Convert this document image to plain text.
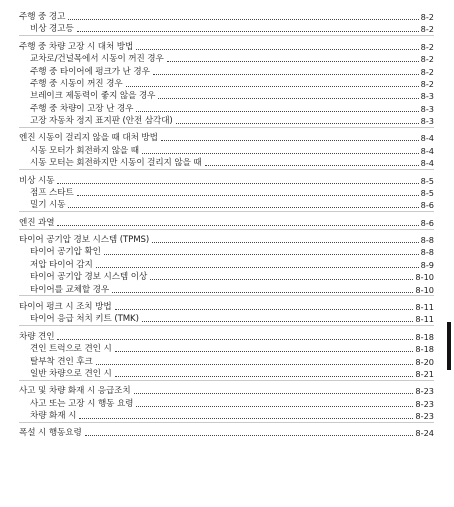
주행 중 경고	8-2
비상 경고등	8-2
주행 중 차량 고장 시 대처 방법	8-2
교차로/건널목에서 시동이 꺼진 경우	8-2
주행 중 타이어에 펑크가 난 경우	8-2
주행 중 시동이 꺼진 경우	8-2
브레이크 제동력이 좋지 않을 경우	8-3
주행 중 차량이 고장 난 경우	8-3
고장 자동차 정지 표지판 (안전 삼각대)	8-3
엔진 시동이 걸리지 않을 때 대처 방법	8-4
시동 모터가 회전하지 않을 때	8-4
시동 모터는 회전하지만 시동이 걸리지 않을 때	8-4
비상 시동	8-5
점프 스타트	8-5
밀기 시동	8-6
엔진 과열	8-6
타이어 공기압 경보 시스템 (TPMS)	8-8
타이어 공기압 확인	8-8
저압 타이어 감지	8-9
타이어 공기압 경보 시스템 이상	8-10
타이어를 교체할 경우	8-10
타이어 펑크 시 조치 방법	8-11
타이어 응급 처치 키트 (TMK)	8-11
차량 견인	8-18
견인 트럭으로 견인 시	8-18
탈부착 견인 후크	8-20
일반 차량으로 견인 시	8-21
사고 및 차량 화재 시 응급조치	8-23
사고 또는 고장 시 행동 요령	8-23
차량 화재 시	8-23
폭설 시 행동요령	8-24
